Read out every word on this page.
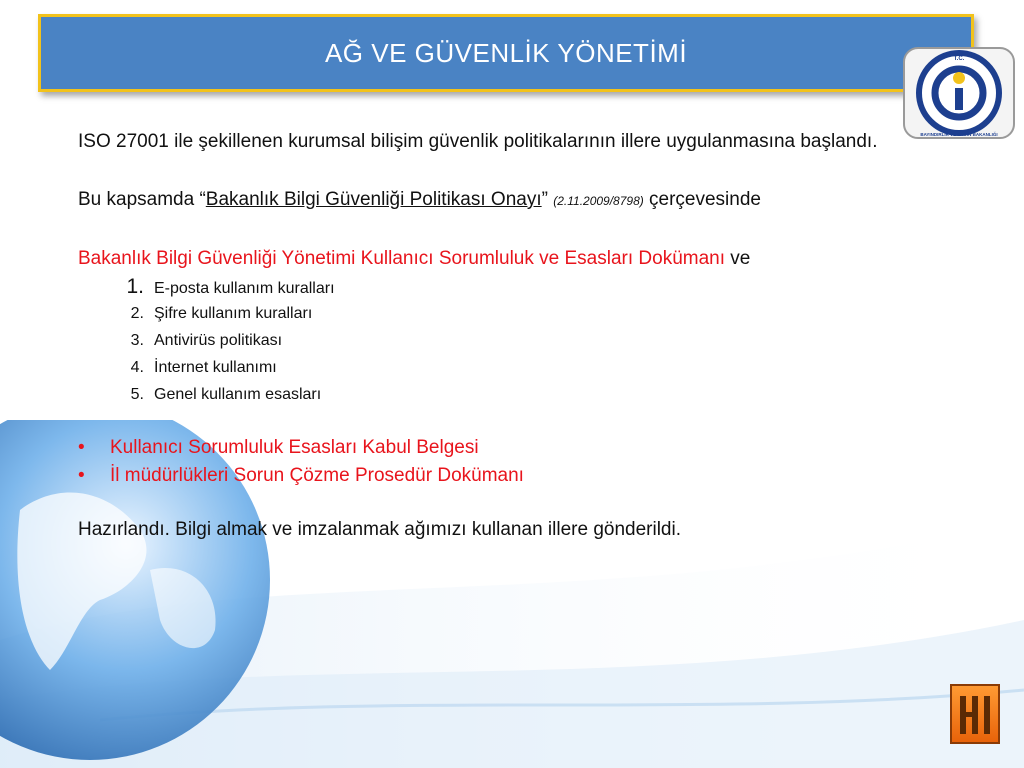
AĞ VE GÜVENLİK YÖNETİMİ	T.C.
BAYINDIRLIK VE İSKAN BAKANLIĞI

ISO 27001 ile şekillenen kurumsal bilişim güvenlik politikalarının illere uygulanmasına başlandı.

Bu kapsamda “Bakanlık Bilgi Güvenliği Politikası Onayı” (2.11.2009/8798) çerçevesinde

Bakanlık Bilgi Güvenliği Yönetimi Kullanıcı Sorumluluk ve Esasları Dokümanı ve

1. E-posta kullanım kuralları
2. Şifre kullanım kuralları
3. Antivirüs politikası
4. İnternet kullanımı
5. Genel kullanım esasları
•	Kullanıcı Sorumluluk Esasları Kabul Belgesi
•	İl müdürlükleri Sorun Çözme Prosedür Dokümanı

Hazırlandı. Bilgi almak ve imzalanmak ağımızı kullanan illere gönderildi.
